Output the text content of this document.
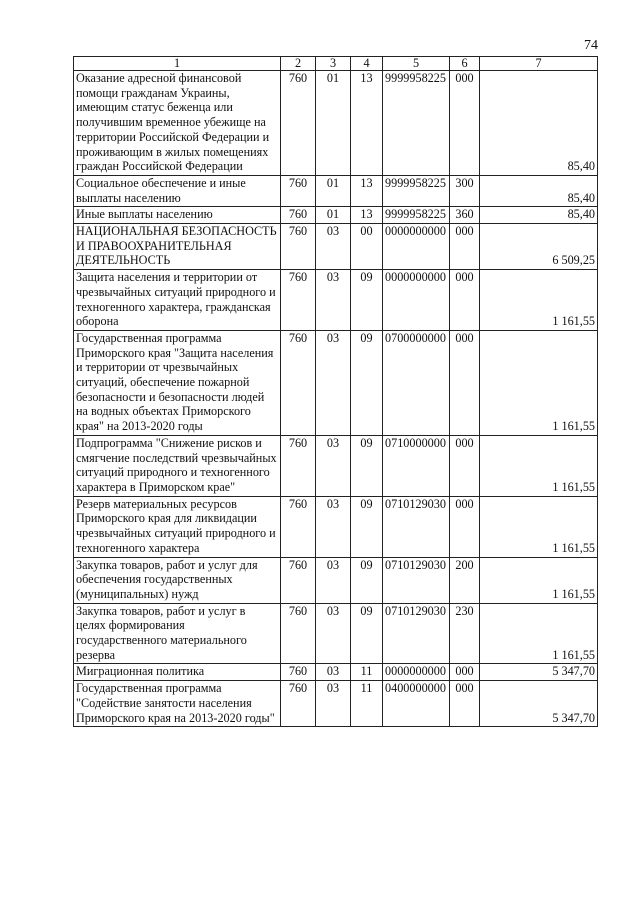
74
1	2	3	4	5	6	7
Оказание адресной финансовой помощи гражданам Украины, имеющим статус беженца или получившим временное убежище на территории Российской Федерации и проживающим в жилых помещениях граждан Российской Федерации	760	01	13	9999958225	000	85,40
Социальное обеспечение и иные выплаты населению	760	01	13	9999958225	300	85,40
Иные выплаты населению	760	01	13	9999958225	360	85,40
НАЦИОНАЛЬНАЯ БЕЗОПАСНОСТЬ И ПРАВООХРАНИТЕЛЬНАЯ ДЕЯТЕЛЬНОСТЬ	760	03	00	0000000000	000	6 509,25
Защита населения и территории от чрезвычайных ситуаций природного и техногенного характера, гражданская оборона	760	03	09	0000000000	000	1 161,55
Государственная программа Приморского края "Защита населения и территории от чрезвычайных ситуаций, обеспечение пожарной безопасности и безопасности людей на водных объектах Приморского края" на 2013-2020 годы	760	03	09	0700000000	000	1 161,55
Подпрограмма "Снижение рисков и смягчение последствий чрезвычайных ситуаций природного и техногенного характера в Приморском крае"	760	03	09	0710000000	000	1 161,55
Резерв материальных ресурсов Приморского края для ликвидации чрезвычайных ситуаций природного и техногенного характера	760	03	09	0710129030	000	1 161,55
Закупка товаров, работ и услуг для обеспечения государственных (муниципальных) нужд	760	03	09	0710129030	200	1 161,55
Закупка товаров, работ и услуг в целях формирования государственного материального резерва	760	03	09	0710129030	230	1 161,55
Миграционная политика	760	03	11	0000000000	000	5 347,70
Государственная программа "Содействие занятости населения Приморского края на 2013-2020 годы"	760	03	11	0400000000	000	5 347,70
